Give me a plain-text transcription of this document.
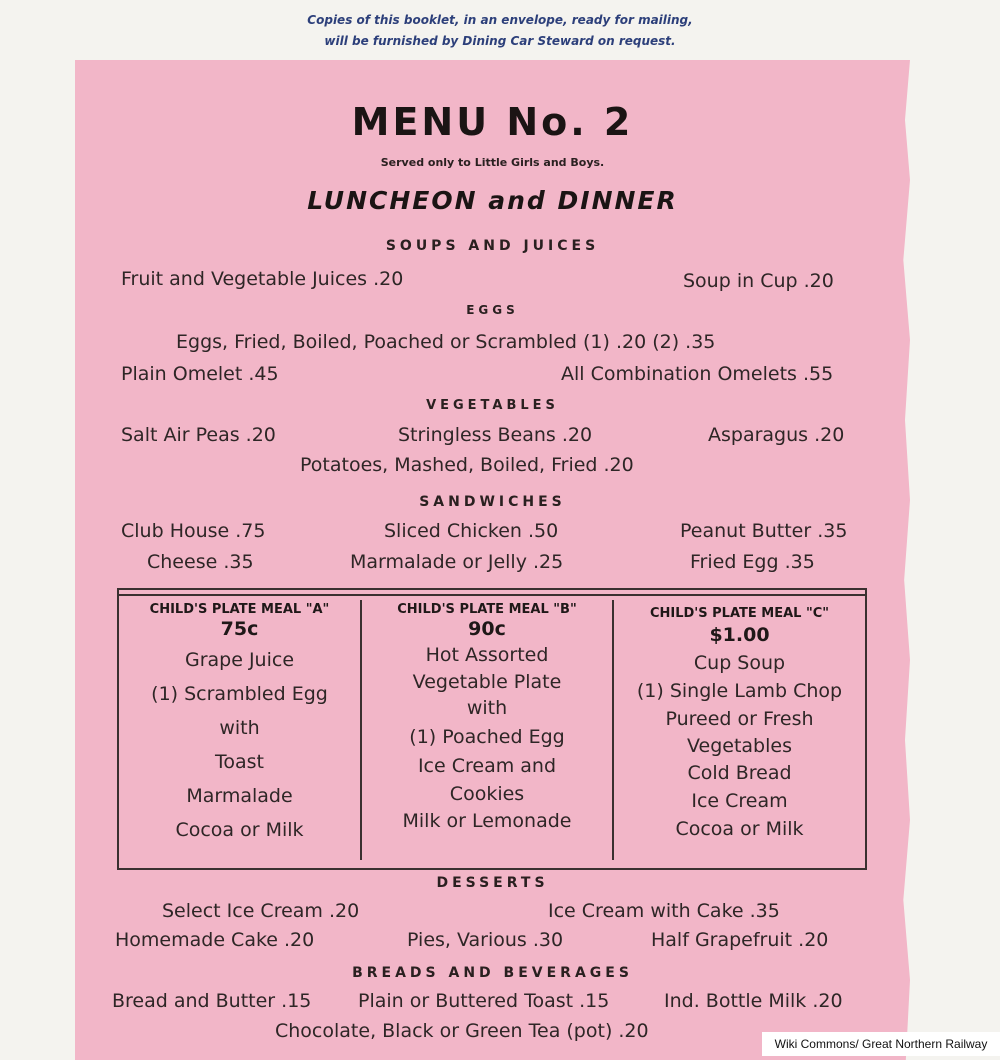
Copies of this booklet, in an envelope, ready for mailing,
will be furnished by Dining Car Steward on request.
MENU No. 2
Served only to Little Girls and Boys.
LUNCHEON and DINNER
SOUPS AND JUICES
Fruit and Vegetable Juices .20	Soup in Cup .20
EGGS
Eggs, Fried, Boiled, Poached or Scrambled (1) .20 (2) .35
Plain Omelet .45	All Combination Omelets .55
VEGETABLES
Salt Air Peas .20	Stringless Beans .20	Asparagus .20
Potatoes, Mashed, Boiled, Fried .20
SANDWICHES
Club House .75	Sliced Chicken .50	Peanut Butter .35
Cheese .35	Marmalade or Jelly .25	Fried Egg .35
CHILD'S PLATE MEAL "A"
75c
Grape Juice
(1) Scrambled Egg
with
Toast
Marmalade
Cocoa or Milk
CHILD'S PLATE MEAL "B"
90c
Hot Assorted
Vegetable Plate
with
(1) Poached Egg
Ice Cream and
Cookies
Milk or Lemonade
CHILD'S PLATE MEAL "C"
$1.00
Cup Soup
(1) Single Lamb Chop
Pureed or Fresh
Vegetables
Cold Bread
Ice Cream
Cocoa or Milk
DESSERTS
Select Ice Cream .20	Ice Cream with Cake .35
Homemade Cake .20	Pies, Various .30	Half Grapefruit .20
BREADS AND BEVERAGES
Bread and Butter .15 Plain or Buttered Toast .15	Ind. Bottle Milk .20
Chocolate, Black or Green Tea (pot) .20
Wiki Commons/ Great Northern Railway
